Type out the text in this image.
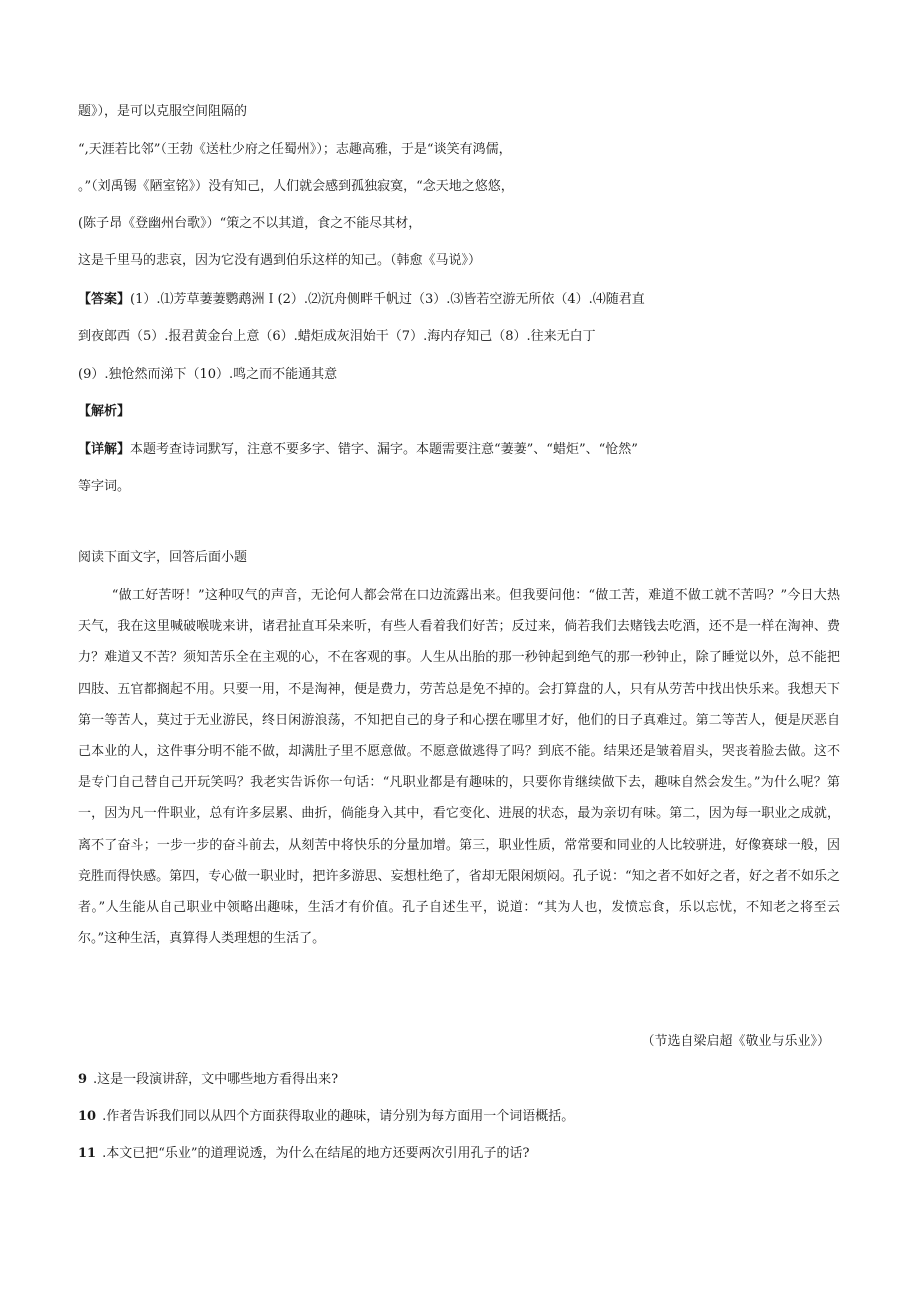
题》），是可以克服空间阻隔的
“,天涯若比邻”（王勃《送杜少府之任蜀州》）；志趣高雅，于是“谈笑有鸿儒，
。”（刘禹锡《陋室铭》）没有知己，人们就会感到孤独寂寞，“念天地之悠悠，
(陈子昂《登幽州台歌》）“策之不以其道，食之不能尽其材，
这是千里马的悲哀，因为它没有遇到伯乐这样的知己。（韩愈《马说》）
【答案】(1）.⑴芳草萋萋鹦鹉洲Ｉ(2）.⑵沉舟侧畔千帆过（3）.⑶皆若空游无所依（4）.⑷随君直
到夜郎西（5）.报君黄金台上意（6）.蜡炬成灰泪始干（7）.海内存知己（8）.往来无白丁
(9）.独怆然而涕下（10）.鸣之而不能通其意
【解析】
【详解】本题考查诗词默写，注意不要多字、错字、漏字。本题需要注意“萋萋”、“蜡炬”、“怆然”
等字词。
阅读下面文字，回答后面小题
“做工好苦呀！”这种叹气的声音，无论何人都会常在口边流露出来。但我要问他：“做工苦，难道不做工就不苦吗？”今日大热天气，我在这里喊破喉咙来讲，诸君扯直耳朵来听，有些人看着我们好苦；反过来，倘若我们去赌钱去吃酒，还不是一样在淘神、费力？难道又不苦？须知苦乐全在主观的心，不在客观的事。人生从出胎的那一秒钟起到绝气的那一秒钟止，除了睡觉以外，总不能把四肢、五官都搁起不用。只要一用，不是淘神，便是费力，劳苦总是免不掉的。会打算盘的人，只有从劳苦中找出快乐来。我想天下第一等苦人，莫过于无业游民，终日闲游浪荡，不知把自己的身子和心摆在哪里才好，他们的日子真难过。第二等苦人，便是厌恶自己本业的人，这件事分明不能不做，却满肚子里不愿意做。不愿意做逃得了吗？到底不能。结果还是皱着眉头，哭丧着脸去做。这不是专门自己替自己开玩笑吗？我老实告诉你一句话：“凡职业都是有趣味的，只要你肯继续做下去，趣味自然会发生。”为什么呢？第一，因为凡一件职业，总有许多层累、曲折，倘能身入其中，看它变化、进展的状态，最为亲切有味。第二，因为每一职业之成就，离不了奋斗；一步一步的奋斗前去，从刻苦中将快乐的分量加增。第三，职业性质，常常要和同业的人比较骈进，好像赛球一般，因竞胜而得快感。第四，专心做一职业时，把许多游思、妄想杜绝了，省却无限闲烦闷。孔子说：“知之者不如好之者，好之者不如乐之者。”人生能从自己职业中领略出趣味，生活才有价值。孔子自述生平，说道：“其为人也，发愤忘食，乐以忘忧，不知老之将至云尔。”这种生活，真算得人类理想的生活了。
（节选自梁启超《敬业与乐业》）
9 .这是一段演讲辞，文中哪些地方看得出来?
10 .作者告诉我们同以从四个方面获得取业的趣味，请分别为每方面用一个词语概括。
11 .本文已把“乐业”的道理说透，为什么在结尾的地方还要两次引用孔子的话?
